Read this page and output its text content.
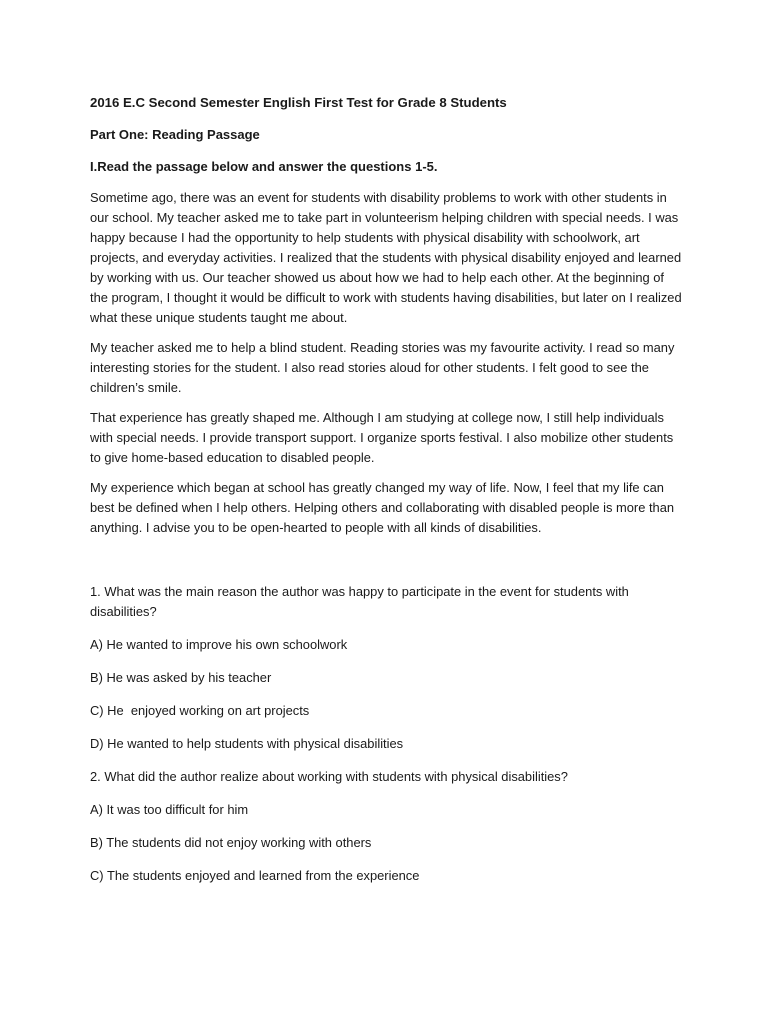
2016 E.C Second Semester English First Test for Grade 8 Students
Part One: Reading Passage
I.Read the passage below and answer the questions 1-5.

Sometime ago, there was an event for students with disability problems to work with other students in our school. My teacher asked me to take part in volunteerism helping children with special needs. I was happy because I had the opportunity to help students with physical disability with schoolwork, art projects, and everyday activities. I realized that the students with physical disability enjoyed and learned by working with us. Our teacher showed us about how we had to help each other. At the beginning of the program, I thought it would be difficult to work with students having disabilities, but later on I realized what these unique students taught me about.

My teacher asked me to help a blind student. Reading stories was my favourite activity. I read so many interesting stories for the student. I also read stories aloud for other students. I felt good to see the children’s smile.

That experience has greatly shaped me. Although I am studying at college now, I still help individuals with special needs. I provide transport support. I organize sports festival. I also mobilize other students to give home-based education to disabled people.

My experience which began at school has greatly changed my way of life. Now, I feel that my life can best be defined when I help others. Helping others and collaborating with disabled people is more than anything. I advise you to be open-hearted to people with all kinds of disabilities.

1. What was the main reason the author was happy to participate in the event for students with disabilities?

A) He wanted to improve his own schoolwork

B) He was asked by his teacher

C) He  enjoyed working on art projects

D) He wanted to help students with physical disabilities

2. What did the author realize about working with students with physical disabilities?

A) It was too difficult for him

B) The students did not enjoy working with others

C) The students enjoyed and learned from the experience
